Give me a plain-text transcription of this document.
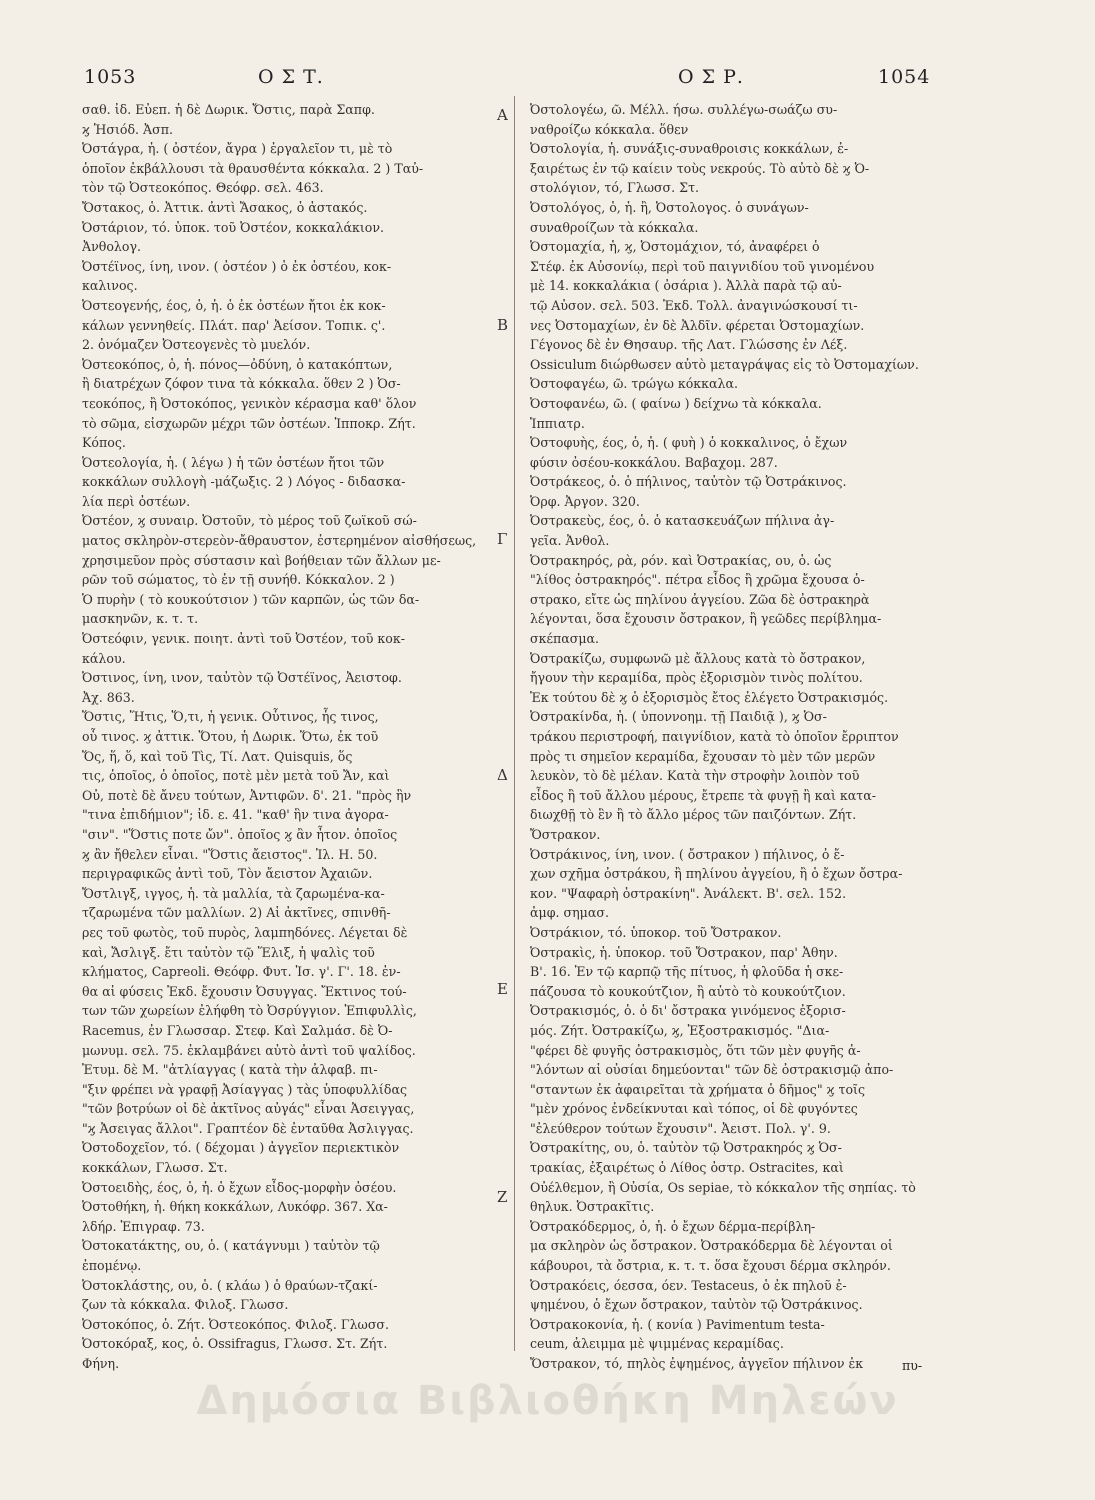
1053	Ο Σ Τ.	Ο Σ Ρ.	1054
Α
Β
Γ
Δ
Ε
Ζ
σαθ. ἰδ. Εὐεπ. ἡ δὲ Δωρικ. Ὄστις, παρὰ Σαπφ.
ϗ Ἡσιόδ. Ἀσπ.
Ὀστάγρα, ἡ. ( ὀστέον, ἄγρα ) ἐργαλεῖον τι, μὲ τὸ
ὁποῖον ἐκβάλλουσι τὰ θραυσθέντα κόκκαλα. 2 ) Ταὐ-
τὸν τῷ Ὀστεοκόπος. Θεόφρ. σελ. 463.
Ὄστακος, ὁ. Ἀττικ. ἀντὶ Ἄσακος, ὁ ἀστακός.
Ὀστάριον, τό. ὑποκ. τοῦ Ὀστέον, κοκκαλάκιον.
Ἀνθολογ.
Ὀστέϊνος, ίνη, ινον. ( ὀστέον ) ὁ ἐκ ὀστέου, κοκ-
καλινος.
Ὀστεογενής, έος, ὁ, ἡ. ὁ ἐκ ὀστέων ἤτοι ἐκ κοκ-
κάλων γεννηθείς. Πλάτ. παρ' Ἀείσον. Τοπικ. ς'.
2. ὀνόμαζεν Ὀστεογενὲς τὸ μυελόν.
Ὀστεοκόπος, ὁ, ἡ. πόνος—ὀδύνη, ὁ κατακόπτων,
ἢ διατρέχων ζόφον τινα τὰ κόκκαλα. ὅθεν 2 ) Ὀσ-
τεοκόπος, ἢ Ὀστοκόπος, γενικὸν κέρασμα καθ' ὅλον
τὸ σῶμα, εἰσχωρῶν μέχρι τῶν ὀστέων. Ἱπποκρ. Ζήτ.
Κόπος.
Ὀστεολογία, ἡ. ( λέγω ) ἡ τῶν ὀστέων ἤτοι τῶν
κοκκάλων συλλογὴ -μάζωξις. 2 ) Λόγος - διδασκα-
λία περὶ ὀστέων.
Ὀστέον, ϗ συναιρ. Ὀστοῦν, τὸ μέρος τοῦ ζωϊκοῦ σώ-
ματος σκληρὸν-στερεὸν-ἄθραυστον, ἐστερημένον αἰσθήσεως,
χρησιμεῦον πρὸς σύστασιν καὶ βοήθειαν τῶν ἄλλων με-
ρῶν τοῦ σώματος, τὸ ἐν τῇ συνήθ. Κόκκαλον. 2 )
Ὁ πυρὴν ( τὸ κουκούτσιον ) τῶν καρπῶν, ὡς τῶν δα-
μασκηνῶν, κ. τ. τ.
Ὀστεόφιν, γενικ. ποιητ. ἀντὶ τοῦ Ὀστέον, τοῦ κοκ-
κάλου.
Ὀστινος, ίνη, ινον, ταὐτὸν τῷ Ὀστέϊνος, Ἀειστοφ.
Ἀχ. 863.
Ὅστις, Ἥτις, Ὅ,τι, ἡ γενικ. Οὗτινος, ἧς τινος,
οὗ τινος. ϗ ἀττικ. Ὅτου, ἡ Δωρικ. Ὅτω, ἐκ τοῦ
Ὅς, ἥ, ὅ, καὶ τοῦ Τὶς, Τί. Λατ. Quisquis, ὅς
τις, ὁποῖος, ὁ ὁποῖος, ποτὲ μὲν μετὰ τοῦ Ἄν, καὶ
Οὐ, ποτὲ δὲ ἄνευ τούτων, Ἀντιφῶν. δ'. 21. "πρὸς ἣν
"τινα ἐπιδήμιον"; ἰδ. ε. 41. "καθ' ἣν τινα ἀγορα-
"σιν". "Ὅστις ποτε ὤν". ὁποῖος ϗ ἂν ἦτον. ὁποῖος
ϗ ἂν ἤθελεν εἶναι. "Ὅστις ἄειστος". Ἰλ. Η. 50.
περιγραφικῶς ἀντὶ τοῦ, Τὸν ἄειστον Ἀχαιῶν.
Ὄστλιγξ, ιγγος, ἡ. τὰ μαλλία, τὰ ζαρωμένα-κα-
τζαρωμένα τῶν μαλλίων. 2) Αἱ ἀκτῖνες, σπινθῆ-
ρες τοῦ φωτὸς, τοῦ πυρὸς, λαμπηδόνες. Λέγεται δὲ
καὶ, Ἄσλιγξ. ἔτι ταὐτὸν τῷ Ἕλιξ, ἡ ψαλὶς τοῦ
κλήματος, Capreoli. Θεόφρ. Φυτ. Ἱσ. γ'. Γ'. 18. ἐν-
θα αἱ φύσεις Ἐκδ. ἔχουσιν Ὀσυγγας. Ἔκτινος τού-
των τῶν χωρείων ἐλήφθη τὸ Ὀσρύγγιον. Ἐπιφυλλὶς,
Racemus, ἐν Γλωσσαρ. Στεφ. Καὶ Σαλμάσ. δὲ Ὀ-
μωνυμ. σελ. 75. ἐκλαμβάνει αὐτὸ ἀντὶ τοῦ ψαλίδος.
Ἐτυμ. δὲ Μ. "ἀτλίαγγας ( κατὰ τὴν ἀλφαβ. πι-
"ξιν φρέπει νὰ γραφῇ Ἀσίαγγας ) τὰς ὑποφυλλίδας
"τῶν βοτρύων οἱ δὲ ἀκτῖνος αὐγάς" εἶναι Ἀσειγγας,
"ϗ Ἀσειγας ἄλλοι". Γραπτέον δὲ ἐνταῦθα Ἀσλιγγας.
Ὀστοδοχεῖον, τό. ( δέχομαι ) ἀγγεῖον περιεκτικὸν
κοκκάλων, Γλωσσ. Στ.
Ὀστοειδὴς, έος, ὁ, ἡ. ὁ ἔχων εἶδος-μορφὴν ὀσέου.
Ὀστοθήκη, ἡ. θήκη κοκκάλων, Λυκόφρ. 367. Χα-
λδήρ. Ἐπιγραφ. 73.
Ὀστοκατάκτης, ου, ὁ. ( κατάγνυμι ) ταὐτὸν τῷ
ἐπομένῳ.
Ὀστοκλάστης, ου, ὁ. ( κλάω ) ὁ θραύων-τζακί-
ζων τὰ κόκκαλα. Φιλοξ. Γλωσσ.
Ὀστοκόπος, ὁ. Ζήτ. Ὀστεοκόπος. Φιλοξ. Γλωσσ.
Ὀστοκόραξ, κος, ὁ. Ossifragus, Γλωσσ. Στ. Ζήτ.
Φήνη.
Ὀστολογέω, ῶ. Μέλλ. ήσω. συλλέγω-σωάζω συ-
ναθροίζω κόκκαλα. ὅθεν
Ὀστολογία, ἡ. συνάξις-συναθροισις κοκκάλων, ἐ-
ξαιρέτως ἐν τῷ καίειν τοὺς νεκρούς. Τὸ αὐτὸ δὲ ϗ Ὀ-
στολόγιον, τό, Γλωσσ. Στ.
Ὀστολόγος, ὁ, ἡ. ἢ, Ὀστολογος. ὁ συνάγων-
συναθροίζων τὰ κόκκαλα.
Ὀστομαχία, ἡ, ϗ, Ὀστομάχιον, τό, ἀναφέρει ὁ
Στέφ. ἐκ Αὐσονίῳ, περὶ τοῦ παιγνιδίου τοῦ γινομένου
μὲ 14. κοκκαλάκια ( ὀσάρια ). Ἀλλὰ παρὰ τῷ αὐ-
τῷ Αὐσον. σελ. 503. Ἐκδ. Τολλ. ἀναγινώσκουσί τι-
νες Ὀστομαχίων, ἐν δὲ Ἀλδῖν. φέρεται Ὀστομαχίων.
Γέγονος δὲ ἐν Θησαυρ. τῆς Λατ. Γλώσσης ἐν Λέξ.
Ossiculum διώρθωσεν αὐτὸ μεταγράψας εἰς τὸ Ὀστομαχίων.
Ὀστοφαγέω, ῶ. τρώγω κόκκαλα.
Ὀστοφανέω, ῶ. ( φαίνω ) δείχνω τὰ κόκκαλα.
Ἱππιατρ.
Ὀστοφυὴς, έος, ὁ, ἡ. ( φυὴ ) ὁ κοκκαλινος, ὁ ἔχων
φύσιν ὀσέου-κοκκάλου. Βαβαχομ. 287.
Ὀστράκεος, ὁ. ὁ πήλινος, ταὐτὸν τῷ Ὀστράκινος.
Ὀρφ. Ἀργον. 320.
Ὀστρακεὺς, έος, ὁ. ὁ κατασκευάζων πήλινα ἀγ-
γεῖα. Ἀνθολ.
Ὀστρακηρός, ρὰ, ρόν. καὶ Ὀστρακίας, ου, ὁ. ὡς
"λίθος ὀστρακηρός". πέτρα εἶδος ἢ χρῶμα ἔχουσα ὀ-
στρακο, εἴτε ὡς πηλίνου ἀγγείου. Ζῶα δὲ ὀστρακηρὰ
λέγονται, ὅσα ἔχουσιν ὄστρακον, ἢ γεῶδες περίβλημα-
σκέπασμα.
Ὀστρακίζω, συμφωνῶ μὲ ἄλλους κατὰ τὸ ὄστρακον,
ἤγουν τὴν κεραμίδα, πρὸς ἐξορισμὸν τινὸς πολίτου.
Ἐκ τούτου δὲ ϗ ὁ ἐξορισμὸς ἔτος ἐλέγετο Ὀστρακισμός.
Ὀστρακίνδα, ἡ. ( ὑποννοημ. τῇ Παιδιᾷ ), ϗ Ὀσ-
τράκου περιστροφή, παιγνίδιον, κατὰ τὸ ὁποῖον ἔρριπτον
πρὸς τι σημεῖον κεραμίδα, ἔχουσαν τὸ μὲν τῶν μερῶν
λευκὸν, τὸ δὲ μέλαν. Κατὰ τὴν στροφὴν λοιπὸν τοῦ
εἶδος ἢ τοῦ ἄλλου μέρους, ἔτρεπε τὰ φυγῇ ἢ καὶ κατα-
διωχθῇ τὸ ἓν ἢ τὸ ἄλλο μέρος τῶν παιζόντων. Ζήτ.
Ὄστρακον.
Ὀστράκινος, ίνη, ινον. ( ὄστρακον ) πήλινος, ὁ ἔ-
χων σχῆμα ὀστράκου, ἢ πηλίνου ἀγγείου, ἢ ὁ ἔχων ὄστρα-
κον. "Ψαφαρὴ ὀστρακίνη". Ἀνάλεκτ. Β'. σελ. 152.
ἀμφ. σημασ.
Ὀστράκιον, τό. ὑποκορ. τοῦ Ὄστρακον.
Ὀστρακὶς, ἡ. ὑποκορ. τοῦ Ὄστρακον, παρ' Ἀθην.
Β'. 16. Ἐν τῷ καρπῷ τῆς πίτυος, ἡ φλοῦδα ἡ σκε-
πάζουσα τὸ κουκούτζιον, ἢ αὐτὸ τὸ κουκούτζιον.
Ὀστρακισμός, ὁ. ὁ δι' ὄστρακα γινόμενος ἐξορισ-
μός. Ζήτ. Ὀστρακίζω, ϗ, Ἐξοστρακισμός. "Δια-
"φέρει δὲ φυγῆς ὀστρακισμὸς, ὅτι τῶν μὲν φυγῆς ἁ-
"λόντων αἱ οὐσίαι δημεύονται" τῶν δὲ ὀστρακισμῷ ἀπο-
"σταντων ἐκ ἀφαιρεῖται τὰ χρήματα ὁ δῆμος" ϗ τοῖς
"μὲν χρόνος ἐνδείκνυται καὶ τόπος, οἱ δὲ φυγόντες
"ἐλεύθερον τούτων ἔχουσιν". Ἀειστ. Πολ. γ'. 9.
Ὀστρακίτης, ου, ὁ. ταὐτὸν τῷ Ὀστρακηρός ϗ Ὀσ-
τρακίας, ἐξαιρέτως ὁ Λίθος ὀστρ. Ostracites, καὶ
Οὐέλθεμον, ἢ Οὐσία, Os sepiae, τὸ κόκκαλον τῆς σηπίας. τὸ
θηλυκ. Ὀστρακῖτις.
Ὀστρακόδερμος, ὁ, ἡ. ὁ ἔχων δέρμα-περίβλη-
μα σκληρὸν ὡς ὄστρακον. Ὀστρακόδερμα δὲ λέγονται οἱ
κάβουροι, τὰ ὄστρια, κ. τ. τ. ὅσα ἔχουσι δέρμα σκληρόν.
Ὀστρακόεις, όεσσα, όεν. Testaceus, ὁ ἐκ πηλοῦ ἐ-
ψημένου, ὁ ἔχων ὄστρακον, ταὐτὸν τῷ Ὀστράκινος.
Ὀστρακοκονία, ἡ. ( κονία ) Pavimentum testa-
ceum, ἀλειμμα μὲ ψιμμένας κεραμίδας.
Ὄστρακον, τό, πηλὸς ἐψημένος, ἀγγεῖον πήλινον ἐκ	πυ-
Δημόσια Βιβλιοθήκη Μηλεών
